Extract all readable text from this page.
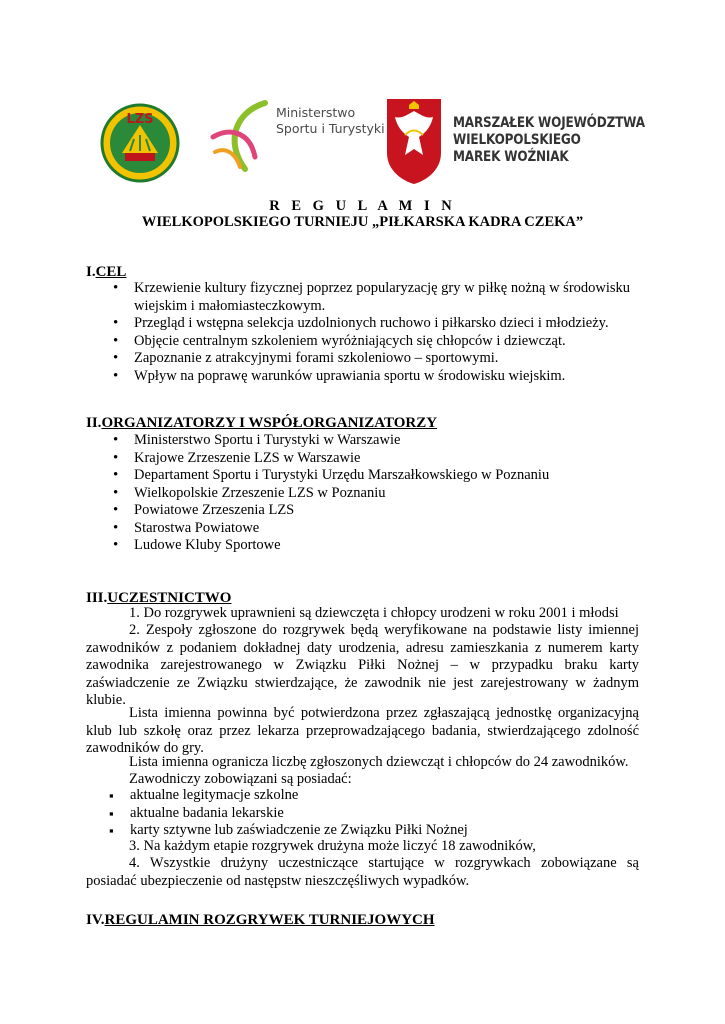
LZS	Ministerstwo
Sportu i Turystyki	MARSZAŁEK WOJEWÓDZTWA
WIELKOPOLSKIEGO
MAREK WOŹNIAK
R E G U L A M I N
WIELKOPOLSKIEGO TURNIEJU „PIŁKARSKA KADRA CZEKA”
I.CEL
• Krzewienie kultury fizycznej poprzez popularyzację gry w piłkę nożną w środowisku wiejskim i małomiasteczkowym.
• Przegląd i wstępna selekcja uzdolnionych ruchowo i piłkarsko dzieci i młodzieży.
• Objęcie centralnym szkoleniem wyróżniających się chłopców i dziewcząt.
• Zapoznanie z atrakcyjnymi forami szkoleniowo – sportowymi.
• Wpływ na poprawę warunków uprawiania sportu w środowisku wiejskim.
II.ORGANIZATORZY I WSPÓŁORGANIZATORZY
• Ministerstwo Sportu i Turystyki w Warszawie
• Krajowe Zrzeszenie LZS w Warszawie
• Departament Sportu i Turystyki Urzędu Marszałkowskiego w Poznaniu
• Wielkopolskie Zrzeszenie LZS w Poznaniu
• Powiatowe Zrzeszenia LZS
• Starostwa Powiatowe
• Ludowe Kluby Sportowe
III.UCZESTNICTWO
1. Do rozgrywek uprawnieni są dziewczęta i chłopcy urodzeni w roku 2001 i młodsi
2. Zespoły zgłoszone do rozgrywek będą weryfikowane na podstawie listy imiennej zawodników z podaniem dokładnej daty urodzenia, adresu zamieszkania z numerem karty zawodnika zarejestrowanego w Związku Piłki Nożnej – w przypadku braku karty zaświadczenie ze Związku stwierdzające, że zawodnik nie jest zarejestrowany w żadnym klubie.
Lista imienna powinna być potwierdzona przez zgłaszającą jednostkę organizacyjną klub lub szkołę oraz przez lekarza przeprowadzającego badania, stwierdzającego zdolność zawodników do gry.
Lista imienna ogranicza liczbę zgłoszonych dziewcząt i chłopców do 24 zawodników.
Zawodniczy zobowiązani są posiadać:
▪ aktualne legitymacje szkolne
▪ aktualne badania lekarskie
▪ karty sztywne lub zaświadczenie ze Związku Piłki Nożnej
3. Na każdym etapie rozgrywek drużyna może liczyć 18 zawodników,
4. Wszystkie drużyny uczestniczące startujące w rozgrywkach zobowiązane są posiadać ubezpieczenie od następstw nieszczęśliwych wypadków.
IV.REGULAMIN ROZGRYWEK TURNIEJOWYCH
